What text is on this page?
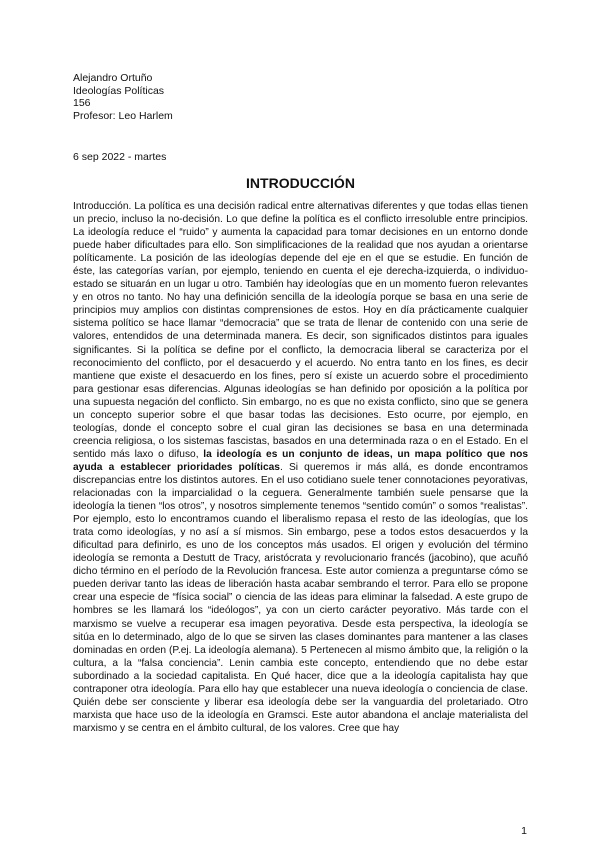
Alejandro Ortuño
Ideologías Políticas
156
Profesor: Leo Harlem
6 sep 2022 - martes
INTRODUCCIÓN

Introducción. La política es una decisión radical entre alternativas diferentes y que todas ellas tienen un precio, incluso la no-decisión. Lo que define la política es el conflicto irresoluble entre principios. La ideología reduce el “ruido” y aumenta la capacidad para tomar decisiones en un entorno donde puede haber dificultades para ello. Son simplificaciones de la realidad que nos ayudan a orientarse políticamente. La posición de las ideologías depende del eje en el que se estudie. En función de éste, las categorías varían, por ejemplo, teniendo en cuenta el eje derecha-izquierda, o individuo-estado se situarán en un lugar u otro. También hay ideologías que en un momento fueron relevantes y en otros no tanto. No hay una definición sencilla de la ideología porque se basa en una serie de principios muy amplios con distintas comprensiones de estos. Hoy en día prácticamente cualquier sistema político se hace llamar “democracia” que se trata de llenar de contenido con una serie de valores, entendidos de una determinada manera. Es decir, son significados distintos para iguales significantes. Si la política se define por el conflicto, la democracia liberal se caracteriza por el reconocimiento del conflicto, por el desacuerdo y el acuerdo. No entra tanto en los fines, es decir mantiene que existe el desacuerdo en los fines, pero sí existe un acuerdo sobre el procedimiento para gestionar esas diferencias. Algunas ideologías se han definido por oposición a la política por una supuesta negación del conflicto. Sin embargo, no es que no exista conflicto, sino que se genera un concepto superior sobre el que basar todas las decisiones. Esto ocurre, por ejemplo, en teologías, donde el concepto sobre el cual giran las decisiones se basa en una determinada creencia religiosa, o los sistemas fascistas, basados en una determinada raza o en el Estado. En el sentido más laxo o difuso, la ideología es un conjunto de ideas, un mapa político que nos ayuda a establecer prioridades políticas. Si queremos ir más allá, es donde encontramos discrepancias entre los distintos autores. En el uso cotidiano suele tener connotaciones peyorativas, relacionadas con la imparcialidad o la ceguera. Generalmente también suele pensarse que la ideología la tienen “los otros”, y nosotros simplemente tenemos “sentido común” o somos “realistas”. Por ejemplo, esto lo encontramos cuando el liberalismo repasa el resto de las ideologías, que los trata como ideologías, y no así a sí mismos. Sin embargo, pese a todos estos desacuerdos y la dificultad para definirlo, es uno de los conceptos más usados. El origen y evolución del término ideología se remonta a Destutt de Tracy, aristócrata y revolucionario francés (jacobino), que acuñó dicho término en el período de la Revolución francesa. Este autor comienza a preguntarse cómo se pueden derivar tanto las ideas de liberación hasta acabar sembrando el terror. Para ello se propone crear una especie de “física social” o ciencia de las ideas para eliminar la falsedad. A este grupo de hombres se les llamará los “ideólogos”, ya con un cierto carácter peyorativo. Más tarde con el marxismo se vuelve a recuperar esa imagen peyorativa. Desde esta perspectiva, la ideología se sitúa en lo determinado, algo de lo que se sirven las clases dominantes para mantener a las clases dominadas en orden (P.ej. La ideología alemana). 5 Pertenecen al mismo ámbito que, la religión o la cultura, a la “falsa conciencia”. Lenin cambia este concepto, entendiendo que no debe estar subordinado a la sociedad capitalista. En Qué hacer, dice que a la ideología capitalista hay que contraponer otra ideología. Para ello hay que establecer una nueva ideología o conciencia de clase. Quién debe ser consciente y liberar esa ideología debe ser la vanguardia del proletariado. Otro marxista que hace uso de la ideología en Gramsci. Este autor abandona el anclaje materialista del marxismo y se centra en el ámbito cultural, de los valores. Cree que hay

1
